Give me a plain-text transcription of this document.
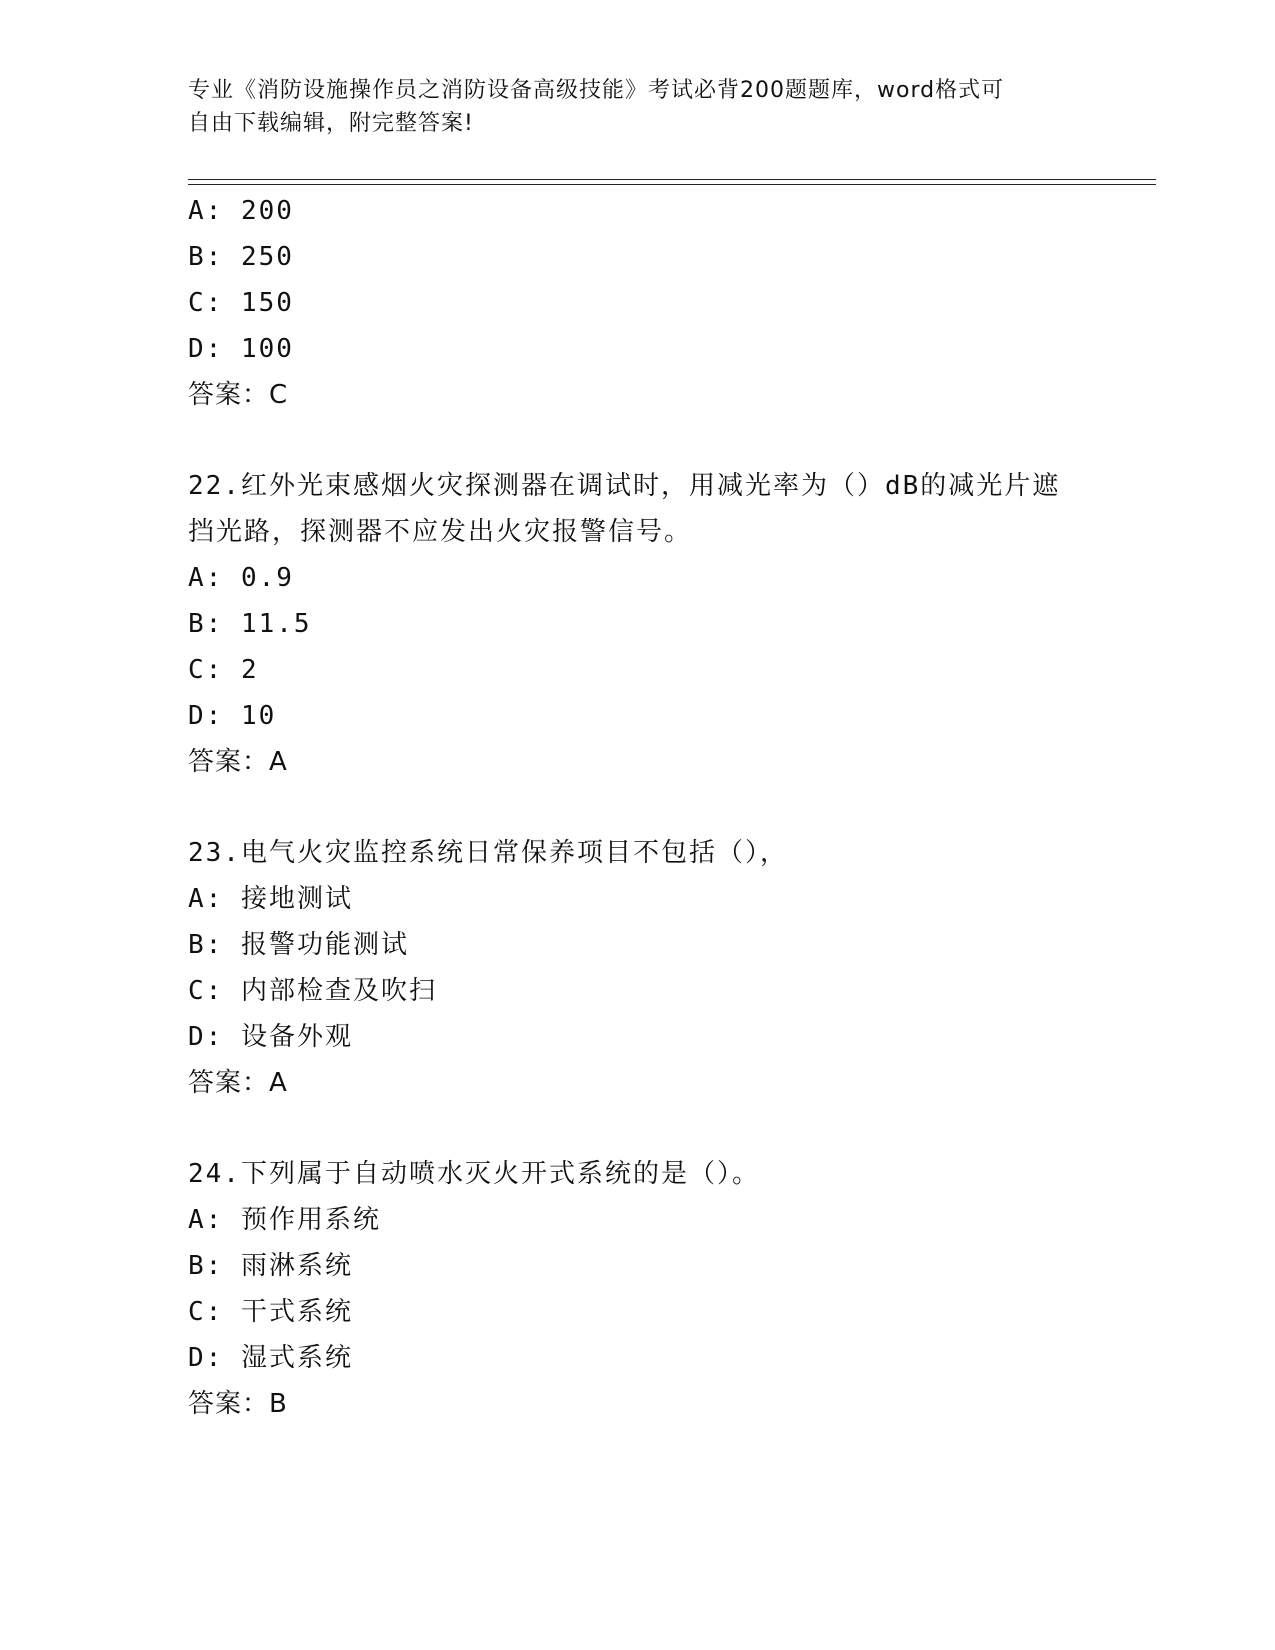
专业《消防设施操作员之消防设备高级技能》考试必背200题题库，word格式可
自由下载编辑，附完整答案!
A: 200
B: 250
C: 150
D: 100
答案：C
22.红外光束感烟火灾探测器在调试时，用减光率为（）dB的减光片遮
挡光路，探测器不应发出火灾报警信号。
A: 0.9
B: 11.5
C: 2
D: 10
答案：A
23.电气火灾监控系统日常保养项目不包括（），
A: 接地测试
B: 报警功能测试
C: 内部检查及吹扫
D: 设备外观
答案：A
24.下列属于自动喷水灭火开式系统的是（）。
A: 预作用系统
B: 雨淋系统
C: 干式系统
D: 湿式系统
答案：B
